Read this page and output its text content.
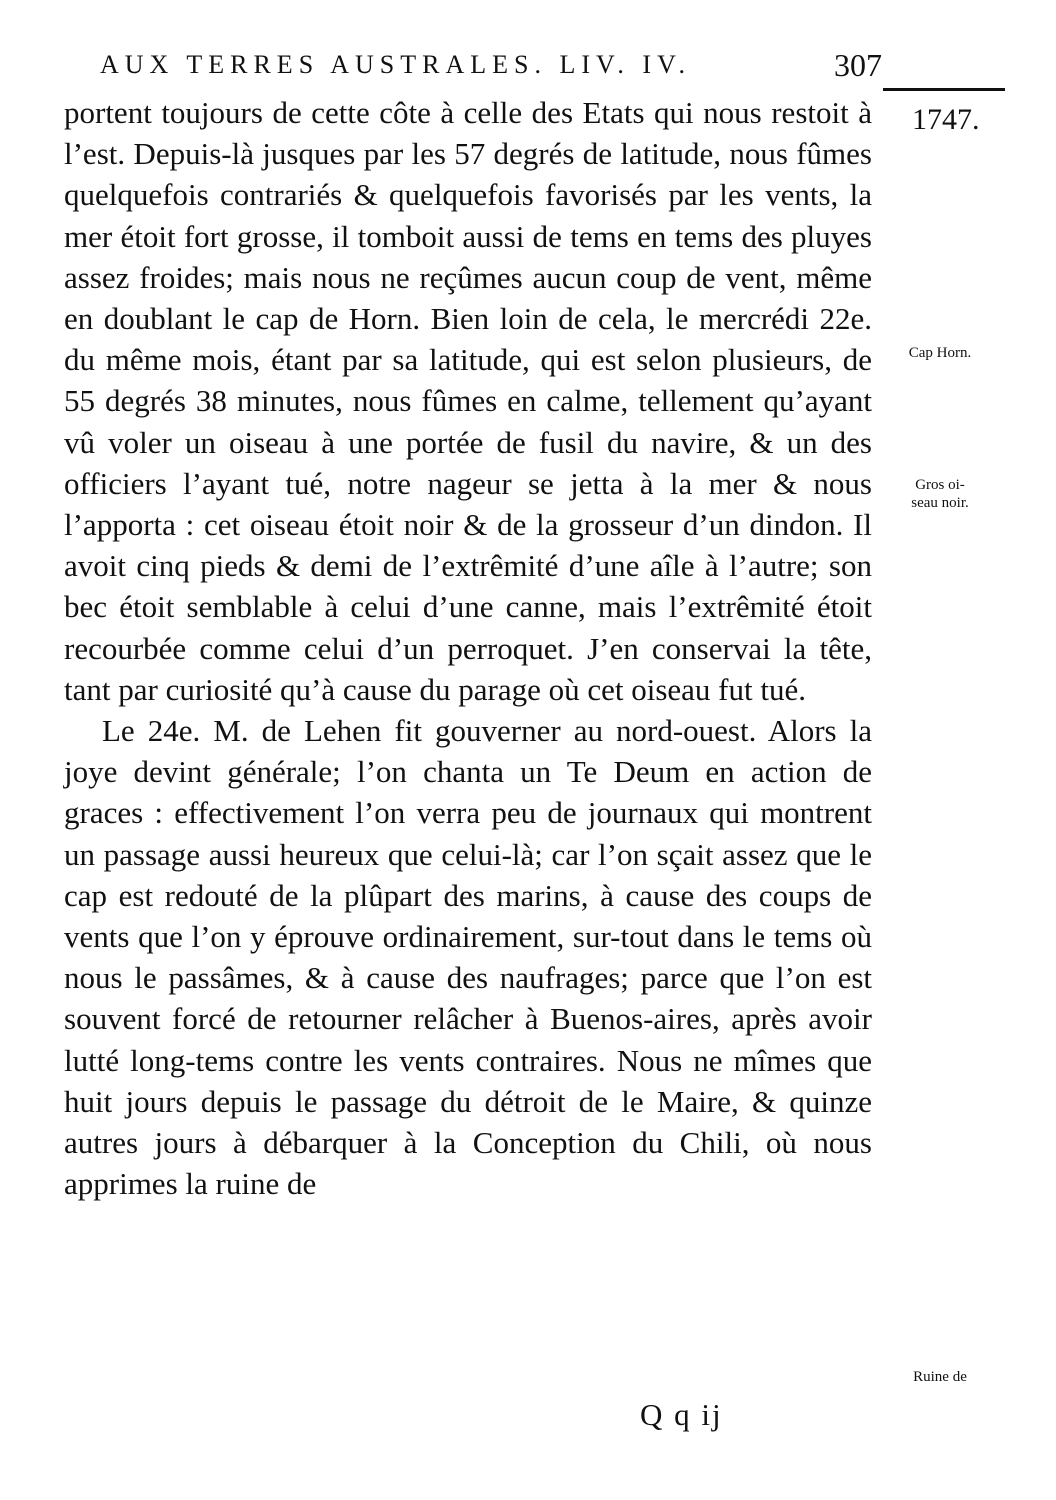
AUX TERRES AUSTRALES. LIV. IV.	307
1747.

portent toujours de cette côte à celle des Etats qui nous restoit à l’est. Depuis-là jusques par les 57 degrés de latitude, nous fûmes quelquefois contrariés & quelquefois favorisés par les vents, la mer étoit fort grosse, il tomboit aussi de tems en tems des pluyes assez froides; mais nous ne reçûmes aucun coup de vent, même en doublant le cap de Horn. Bien loin de cela, le mercrédi 22e. du même mois, étant par sa latitude, qui est selon plusieurs, de 55 degrés 38 minutes, nous fûmes en calme, tellement qu’ayant vû voler un oiseau à une portée de fusil du navire, & un des officiers l’ayant tué, notre nageur se jetta à la mer & nous l’apporta : cet oiseau étoit noir & de la grosseur d’un dindon. Il avoit cinq pieds & demi de l’extrêmité d’une aîle à l’autre; son bec étoit semblable à celui d’une canne, mais l’extrêmité étoit recourbée comme celui d’un perroquet. J’en conservai la tête, tant par curiosité qu’à cause du parage où cet oiseau fut tué.

Le 24e. M. de Lehen fit gouverner au nord-ouest. Alors la joye devint générale; l’on chanta un Te Deum en action de graces : effectivement l’on verra peu de journaux qui montrent un passage aussi heureux que celui-là; car l’on sçait assez que le cap est redouté de la plûpart des marins, à cause des coups de vents que l’on y éprouve ordinairement, sur-tout dans le tems où nous le passâmes, & à cause des naufrages; parce que l’on est souvent forcé de retourner relâcher à Buenos-aires, après avoir lutté long-tems contre les vents contraires. Nous ne mîmes que huit jours depuis le passage du détroit de le Maire, & quinze autres jours à débarquer à la Conception du Chili, où nous apprimes la ruine de

Cap Horn.
Gros oi-
seau noir.
Ruine de
Q q ij
